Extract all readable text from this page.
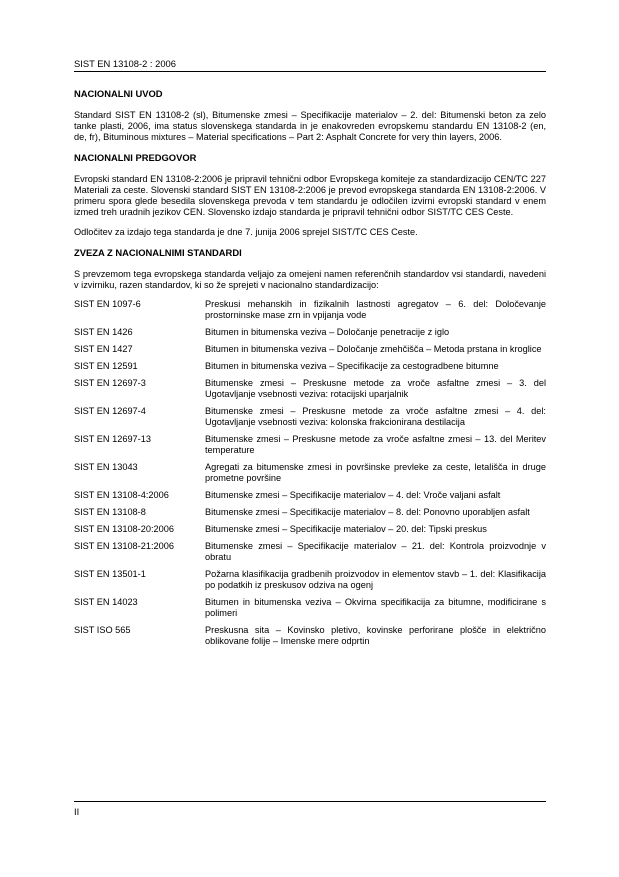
SIST EN 13108-2 : 2006
NACIONALNI UVOD

Standard SIST EN 13108-2 (sl), Bitumenske zmesi – Specifikacije materialov – 2. del: Bitumenski beton za zelo tanke plasti, 2006, ima status slovenskega standarda in je enakovreden evropskemu standardu EN 13108-2 (en, de, fr), Bituminous mixtures – Material specifications – Part 2: Asphalt Concrete for very thin layers, 2006.

NACIONALNI PREDGOVOR

Evropski standard EN 13108-2:2006 je pripravil tehnični odbor Evropskega komiteje za standardizacijo CEN/TC 227 Materiali za ceste. Slovenski standard SIST EN 13108-2:2006 je prevod evropskega standarda EN 13108-2:2006. V primeru spora glede besedila slovenskega prevoda v tem standardu je odločilen izvirni evropski standard v enem izmed treh uradnih jezikov CEN. Slovensko izdajo standarda je pripravil tehnični odbor SIST/TC CES Ceste.

Odločitev za izdajo tega standarda je dne 7. junija 2006 sprejel SIST/TC CES Ceste.

ZVEZA Z NACIONALNIMI STANDARDI

S prevzemom tega evropskega standarda veljajo za omejeni namen referenčnih standardov vsi standardi, navedeni v izvirniku, razen standardov, ki so že sprejeti v nacionalno standardizacijo:

SIST EN 1097-6	Preskusi mehanskih in fizikalnih lastnosti agregatov – 6. del: Določevanje prostorninske mase zrn in vpijanja vode
SIST EN 1426	Bitumen in bitumenska veziva – Določanje penetracije z iglo
SIST EN 1427	Bitumen in bitumenska veziva – Določanje zmehčišča – Metoda prstana in kroglice
SIST EN 12591	Bitumen in bitumenska veziva – Specifikacije za cestogradbene bitumne
SIST EN 12697-3	Bitumenske zmesi – Preskusne metode za vroče asfaltne zmesi – 3. del Ugotavljanje vsebnosti veziva: rotacijski uparjalnik
SIST EN 12697-4	Bitumenske zmesi – Preskusne metode za vroče asfaltne zmesi – 4. del: Ugotavljanje vsebnosti veziva: kolonska frakcionirana destilacija
SIST EN 12697-13	Bitumenske zmesi – Preskusne metode za vroče asfaltne zmesi – 13. del Meritev temperature
SIST EN 13043	Agregati za bitumenske zmesi in površinske prevleke za ceste, letališča in druge prometne površine
SIST EN 13108-4:2006	Bitumenske zmesi – Specifikacije materialov – 4. del: Vroče valjani asfalt
SIST EN 13108-8	Bitumenske zmesi – Specifikacije materialov – 8. del: Ponovno uporabljen asfalt
SIST EN 13108-20:2006	Bitumenske zmesi – Specifikacije materialov – 20. del: Tipski preskus
SIST EN 13108-21:2006	Bitumenske zmesi – Specifikacije materialov – 21. del: Kontrola proizvodnje v obratu
SIST EN 13501-1	Požarna klasifikacija gradbenih proizvodov in elementov stavb – 1. del: Klasifikacija po podatkih iz preskusov odziva na ogenj
SIST EN 14023	Bitumen in bitumenska veziva – Okvirna specifikacija za bitumne, modificirane s polimeri
SIST ISO 565	Preskusna sita – Kovinsko pletivo, kovinske perforirane plošče in električno oblikovane folije – Imenske mere odprtin
II
